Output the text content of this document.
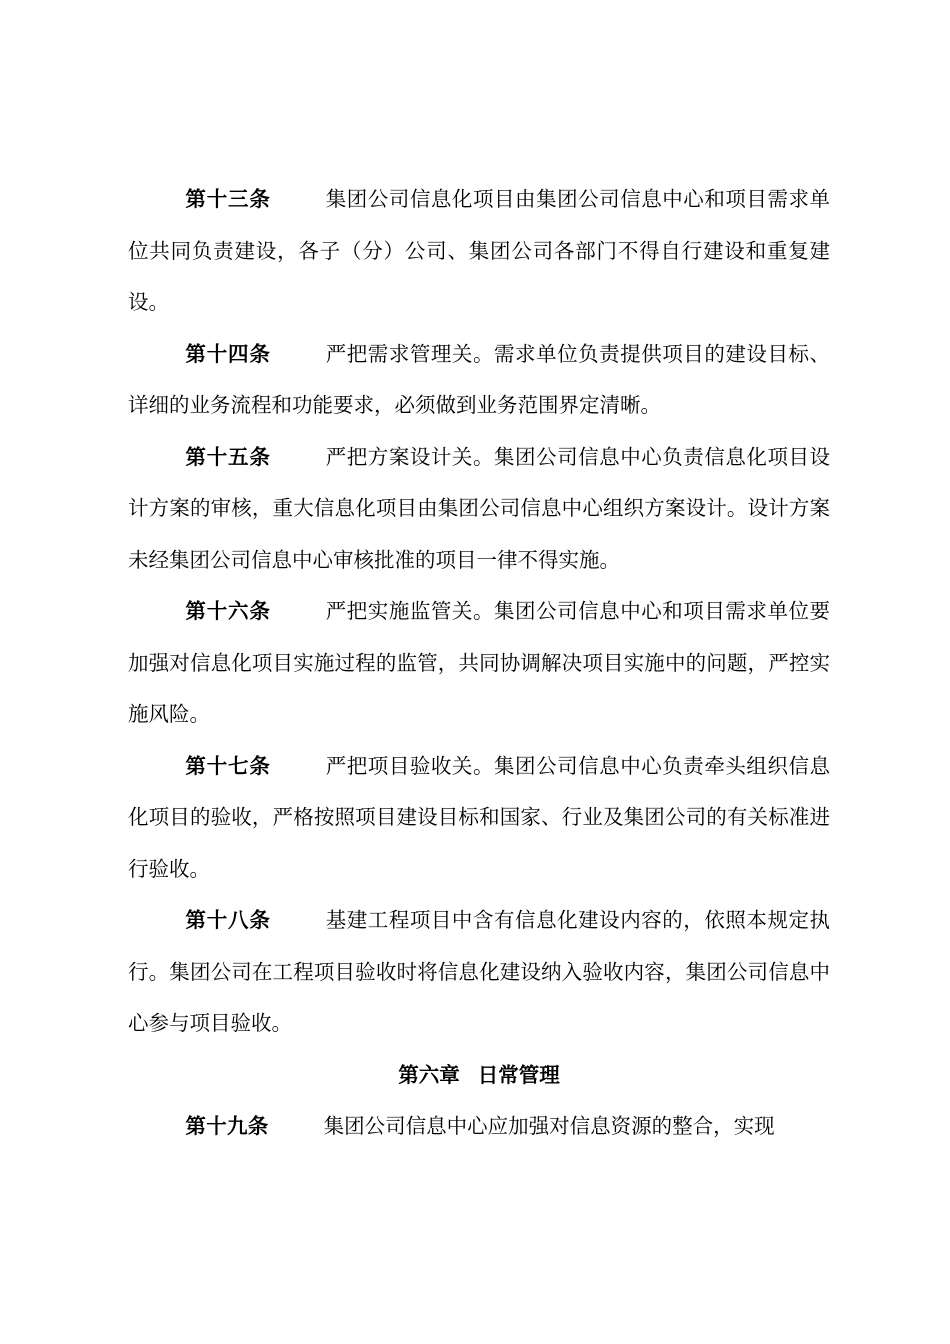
第十三条	集团公司信息化项目由集团公司信息中心和项目需求单位共同负责建设，各子（分）公司、集团公司各部门不得自行建设和重复建设。

第十四条	严把需求管理关。需求单位负责提供项目的建设目标、详细的业务流程和功能要求，必须做到业务范围界定清晰。

第十五条	严把方案设计关。集团公司信息中心负责信息化项目设计方案的审核，重大信息化项目由集团公司信息中心组织方案设计。设计方案未经集团公司信息中心审核批准的项目一律不得实施。

第十六条	严把实施监管关。集团公司信息中心和项目需求单位要加强对信息化项目实施过程的监管，共同协调解决项目实施中的问题，严控实施风险。

第十七条	严把项目验收关。集团公司信息中心负责牵头组织信息化项目的验收，严格按照项目建设目标和国家、行业及集团公司的有关标准进行验收。

第十八条	基建工程项目中含有信息化建设内容的，依照本规定执行。集团公司在工程项目验收时将信息化建设纳入验收内容，集团公司信息中心参与项目验收。

第六章 日常管理

第十九条	集团公司信息中心应加强对信息资源的整合，实现
